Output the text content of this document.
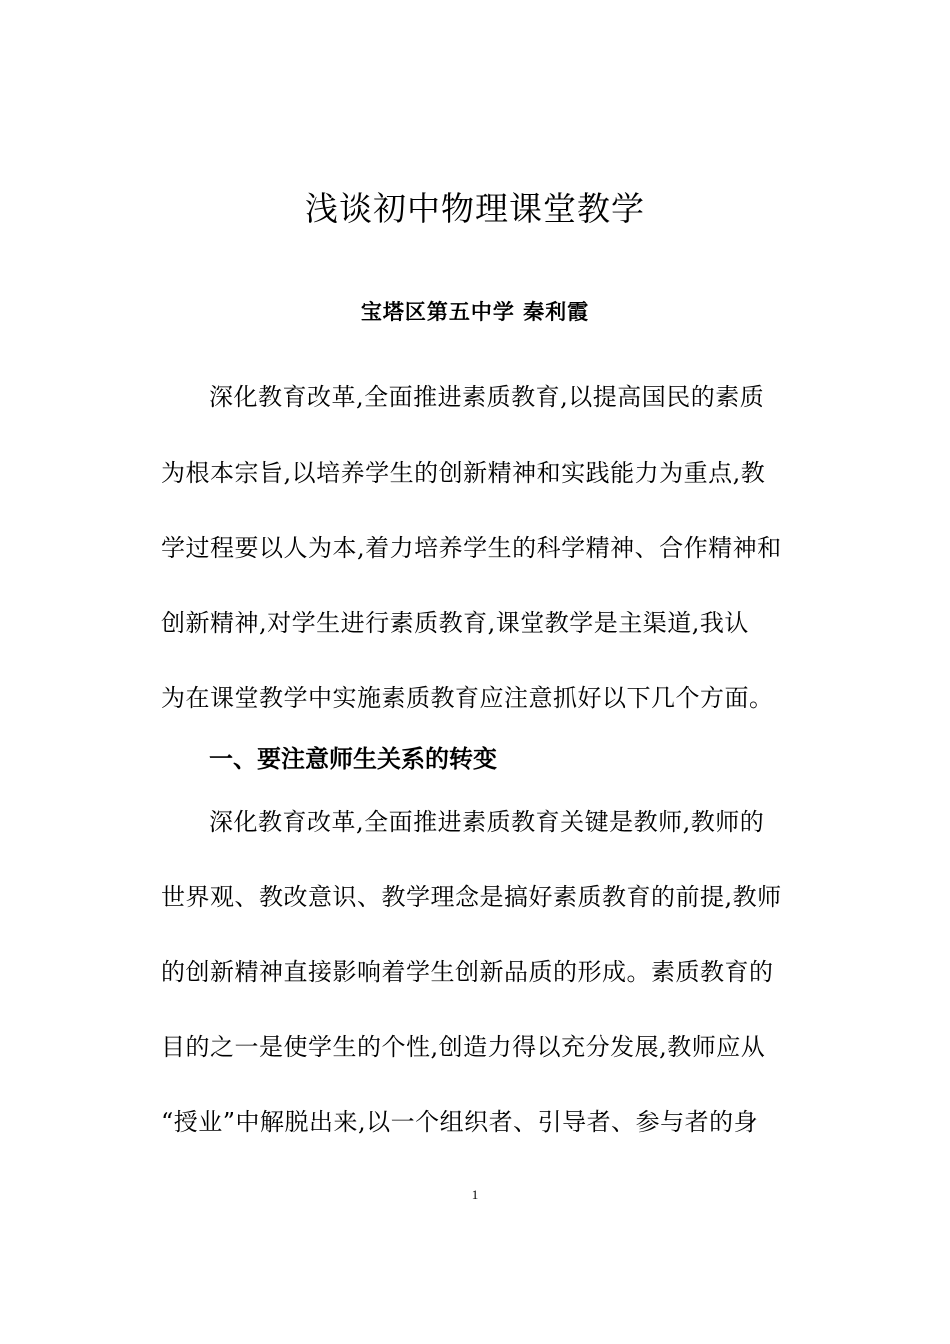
浅谈初中物理课堂教学
宝塔区第五中学 秦利霞
深化教育改革,全面推进素质教育,以提高国民的素质
为根本宗旨,以培养学生的创新精神和实践能力为重点,教
学过程要以人为本,着力培养学生的科学精神、合作精神和
创新精神,对学生进行素质教育,课堂教学是主渠道,我认
为在课堂教学中实施素质教育应注意抓好以下几个方面。
一、要注意师生关系的转变
深化教育改革,全面推进素质教育关键是教师,教师的
世界观、教改意识、教学理念是搞好素质教育的前提,教师
的创新精神直接影响着学生创新品质的形成。素质教育的
目的之一是使学生的个性,创造力得以充分发展,教师应从
“授业”中解脱出来,以一个组织者、引导者、参与者的身
1
